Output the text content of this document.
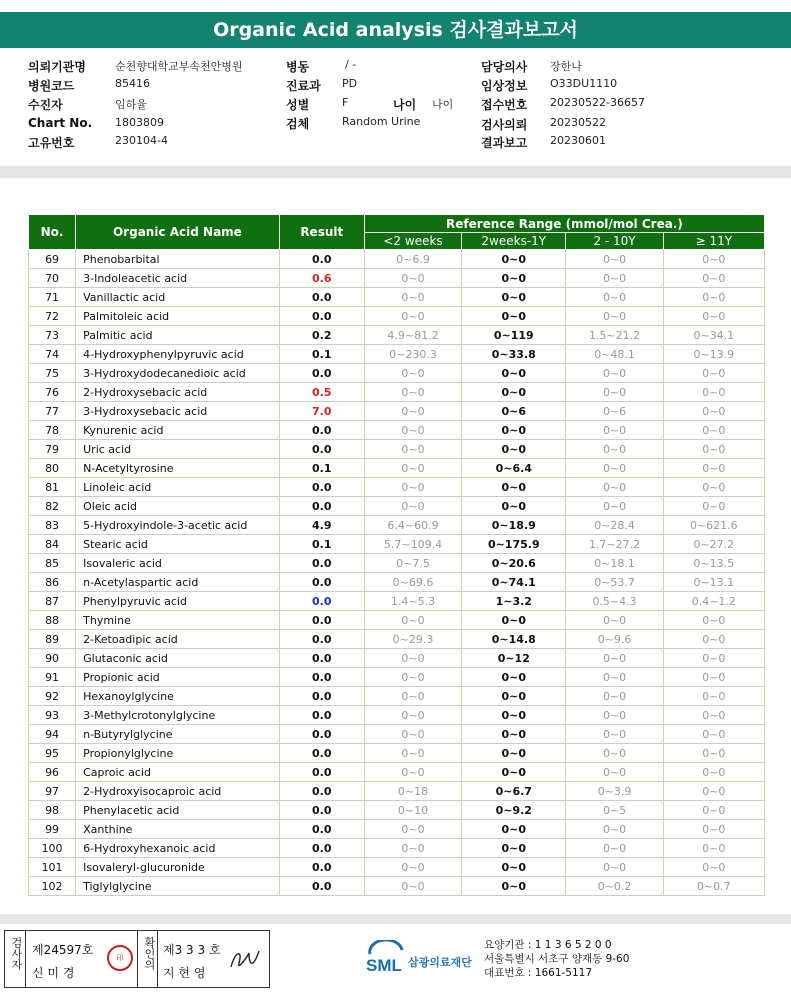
Organic Acid analysis 검사결과보고서
의뢰기관명	순천향대학교부속천안병원
병원코드	85416
수진자	임하율
Chart No. 1803809
고유번호	230104-4
병동	/ -
진료과 PD
성별	F	나이 나이
검체	Random Urine
담당의사 장한나
임상정보 O33DU1110
접수번호 20230522-36657
검사의뢰 20230522
결과보고 20230601
No.	Organic Acid Name	Result	Reference Range (mmol/mol Crea.)			
			<2 weeks	2weeks-1Y	2 - 10Y	≥ 11Y
69	Phenobarbital	0.0	0~6.9	0~0	0~0	0~0
70	3-Indoleacetic acid	0.6	0~0	0~0	0~0	0~0
71	Vanillactic acid	0.0	0~0	0~0	0~0	0~0
72	Palmitoleic acid	0.0	0~0	0~0	0~0	0~0
73	Palmitic acid	0.2	4.9~81.2	0~119	1.5~21.2	0~34.1
74	4-Hydroxyphenylpyruvic acid	0.1	0~230.3	0~33.8	0~48.1	0~13.9
75	3-Hydroxydodecanedioic acid	0.0	0~0	0~0	0~0	0~0
76	2-Hydroxysebacic acid	0.5	0~0	0~0	0~0	0~0
77	3-Hydroxysebacic acid	7.0	0~0	0~6	0~6	0~0
78	Kynurenic acid	0.0	0~0	0~0	0~0	0~0
79	Uric acid	0.0	0~0	0~0	0~0	0~0
80	N-Acetyltyrosine	0.1	0~0	0~6.4	0~0	0~0
81	Linoleic acid	0.0	0~0	0~0	0~0	0~0
82	Oleic acid	0.0	0~0	0~0	0~0	0~0
83	5-Hydroxyindole-3-acetic acid	4.9	6.4~60.9	0~18.9	0~28.4	0~621.6
84	Stearic acid	0.1	5.7~109.4	0~175.9	1.7~27.2	0~27.2
85	Isovaleric acid	0.0	0~7.5	0~20.6	0~18.1	0~13.5
86	n-Acetylaspartic acid	0.0	0~69.6	0~74.1	0~53.7	0~13.1
87	Phenylpyruvic acid	0.0	1.4~5.3	1~3.2	0.5~4.3	0.4~1.2
88	Thymine	0.0	0~0	0~0	0~0	0~0
89	2-Ketoadipic acid	0.0	0~29.3	0~14.8	0~9.6	0~0
90	Glutaconic acid	0.0	0~0	0~12	0~0	0~0
91	Propionic acid	0.0	0~0	0~0	0~0	0~0
92	Hexanoylglycine	0.0	0~0	0~0	0~0	0~0
93	3-Methylcrotonylglycine	0.0	0~0	0~0	0~0	0~0
94	n-Butyrylglycine	0.0	0~0	0~0	0~0	0~0
95	Propionylglycine	0.0	0~0	0~0	0~0	0~0
96	Caproic acid	0.0	0~0	0~0	0~0	0~0
97	2-Hydroxyisocaproic acid	0.0	0~18	0~6.7	0~3.9	0~0
98	Phenylacetic acid	0.0	0~10	0~9.2	0~5	0~0
99	Xanthine	0.0	0~0	0~0	0~0	0~0
100	6-Hydroxyhexanoic acid	0.0	0~0	0~0	0~0	0~0
101	Isovaleryl-glucuronide	0.0	0~0	0~0	0~0	0~0
102	Tiglylglycine	0.0	0~0	0~0	0~0.2	0~0.7
검사자 제24597호
신 미 경
印	확인의 제3 3 3 호
지 현 영	SML 삼광의료재단
요양기관 : 1 1 3 6 5 2 0 0
서울특별시 서초구 양재동 9-60
대표번호 : 1661-5117
